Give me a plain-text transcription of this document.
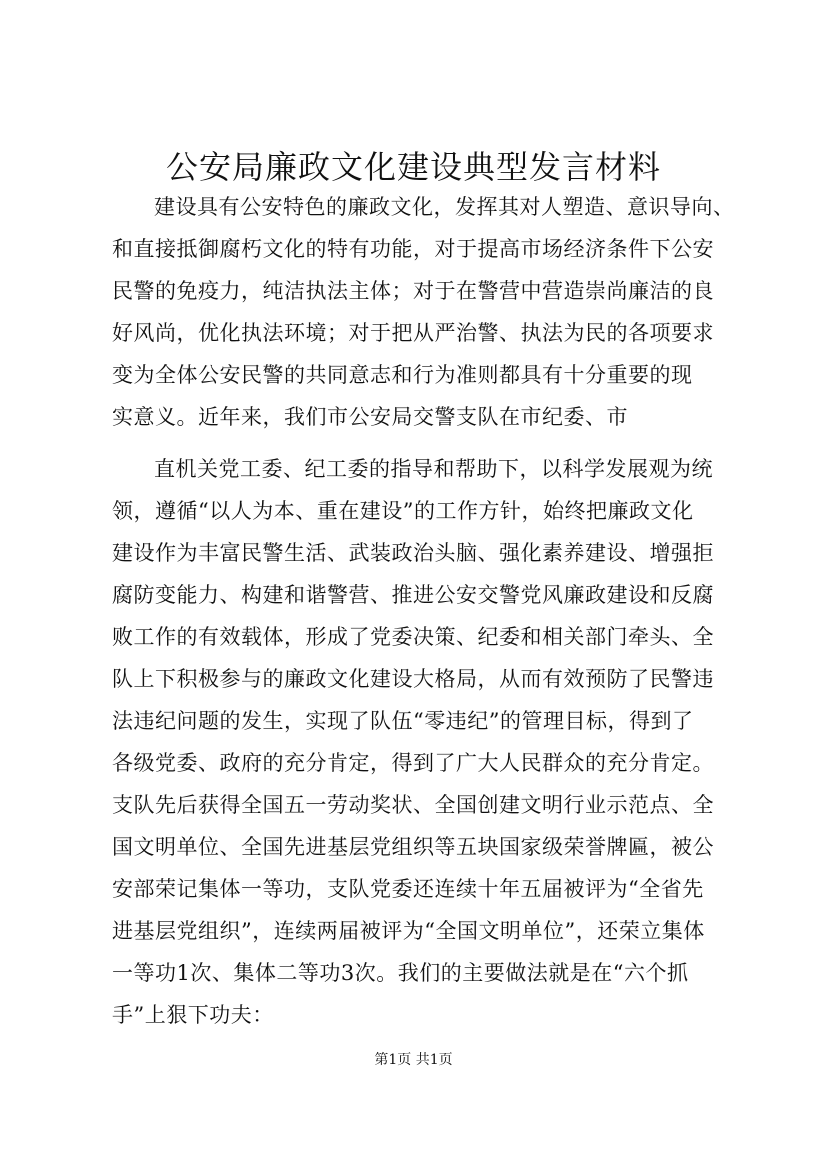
公安局廉政文化建设典型发言材料
建设具有公安特色的廉政文化，发挥其对人塑造、意识导向、
和直接抵御腐朽文化的特有功能，对于提高市场经济条件下公安
民警的免疫力，纯洁执法主体；对于在警营中营造崇尚廉洁的良
好风尚，优化执法环境；对于把从严治警、执法为民的各项要求
变为全体公安民警的共同意志和行为准则都具有十分重要的现
实意义。近年来，我们市公安局交警支队在市纪委、市
直机关党工委、纪工委的指导和帮助下，以科学发展观为统
领，遵循“以人为本、重在建设”的工作方针，始终把廉政文化
建设作为丰富民警生活、武装政治头脑、强化素养建设、增强拒
腐防变能力、构建和谐警营、推进公安交警党风廉政建设和反腐
败工作的有效载体，形成了党委决策、纪委和相关部门牵头、全
队上下积极参与的廉政文化建设大格局，从而有效预防了民警违
法违纪问题的发生，实现了队伍“零违纪”的管理目标，得到了
各级党委、政府的充分肯定，得到了广大人民群众的充分肯定。
支队先后获得全国五一劳动奖状、全国创建文明行业示范点、全
国文明单位、全国先进基层党组织等五块国家级荣誉牌匾，被公
安部荣记集体一等功，支队党委还连续十年五届被评为“全省先
进基层党组织”，连续两届被评为“全国文明单位”，还荣立集体
一等功1次、集体二等功3次。我们的主要做法就是在“六个抓
手”上狠下功夫：
第1页 共1页
